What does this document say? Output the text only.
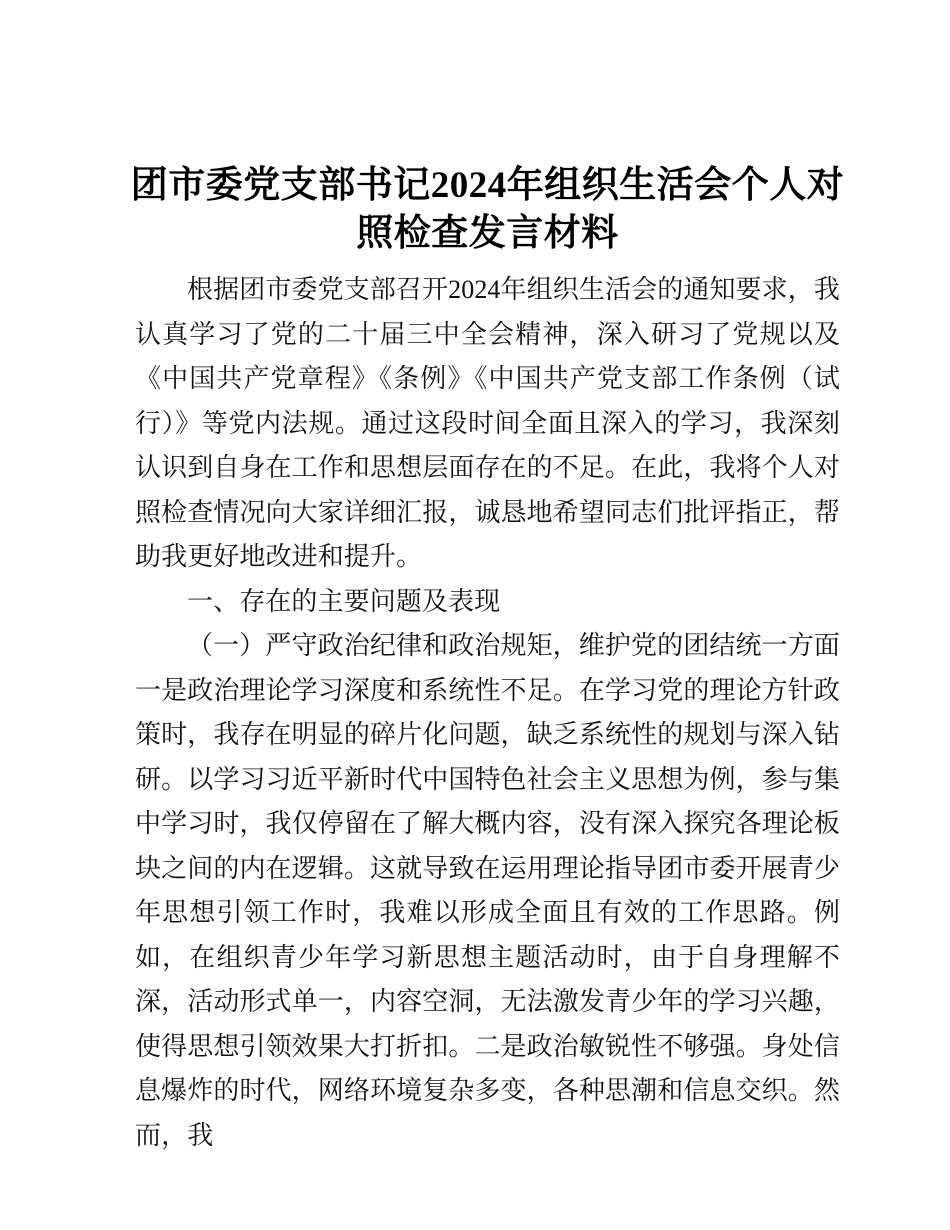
团市委党支部书记2024年组织生活会个人对照检查发言材料

根据团市委党支部召开2024年组织生活会的通知要求，我认真学习了党的二十届三中全会精神，深入研习了党规以及《中国共产党章程》《条例》《中国共产党支部工作条例（试行）》等党内法规。通过这段时间全面且深入的学习，我深刻认识到自身在工作和思想层面存在的不足。在此，我将个人对照检查情况向大家详细汇报，诚恳地希望同志们批评指正，帮助我更好地改进和提升。

一、存在的主要问题及表现

（一）严守政治纪律和政治规矩，维护党的团结统一方面一是政治理论学习深度和系统性不足。在学习党的理论方针政策时，我存在明显的碎片化问题，缺乏系统性的规划与深入钻研。以学习习近平新时代中国特色社会主义思想为例，参与集中学习时，我仅停留在了解大概内容，没有深入探究各理论板块之间的内在逻辑。这就导致在运用理论指导团市委开展青少年思想引领工作时，我难以形成全面且有效的工作思路。例如，在组织青少年学习新思想主题活动时，由于自身理解不深，活动形式单一，内容空洞，无法激发青少年的学习兴趣，使得思想引领效果大打折扣。二是政治敏锐性不够强。身处信息爆炸的时代，网络环境复杂多变，各种思潮和信息交织。然而，我
